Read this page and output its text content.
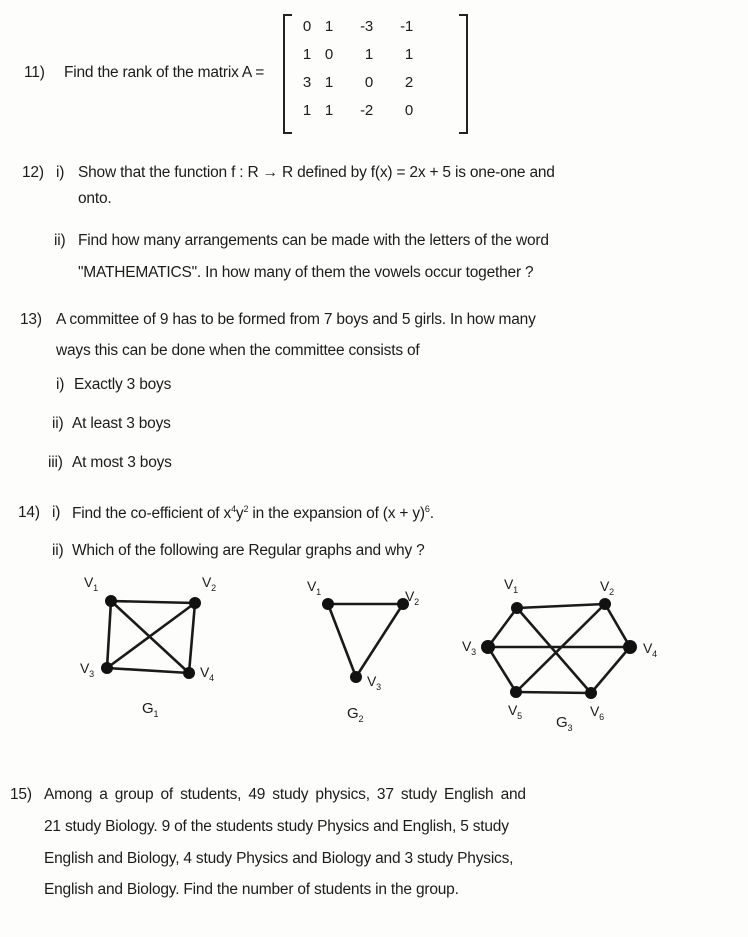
11) Find the rank of the matrix A =
0 1	-3	-1
1 0	1	1
3 1	0	2
1 1	-2	0
12) i) Show that the function f : R → R defined by f(x) = 2x + 5 is one-one and
onto.
ii) Find how many arrangements can be made with the letters of the word
"MATHEMATICS". In how many of them the vowels occur together ?
13) A committee of 9 has to be formed from 7 boys and 5 girls. In how many
ways this can be done when the committee consists of
i) Exactly 3 boys
ii) At least 3 boys
iii) At most 3 boys
14) i) Find the co-efficient of $x^4y^2$ in the expansion of $(x + y)^6$.
ii) Which of the following are Regular graphs and why ?
$V_1$	$V_2$
$V_3$	$V_4$
$G_1$
$V_1$	$V_2$
$V_3$
$G_2$
$V_1$	$V_2$
$V_3$	$V_4$
$V_5$	$V_6$
$G_3$
15) Among a group of students, 49 study physics, 37 study English and
21 study Biology. 9 of the students study Physics and English, 5 study
English and Biology, 4 study Physics and Biology and 3 study Physics,
English and Biology. Find the number of students in the group.
